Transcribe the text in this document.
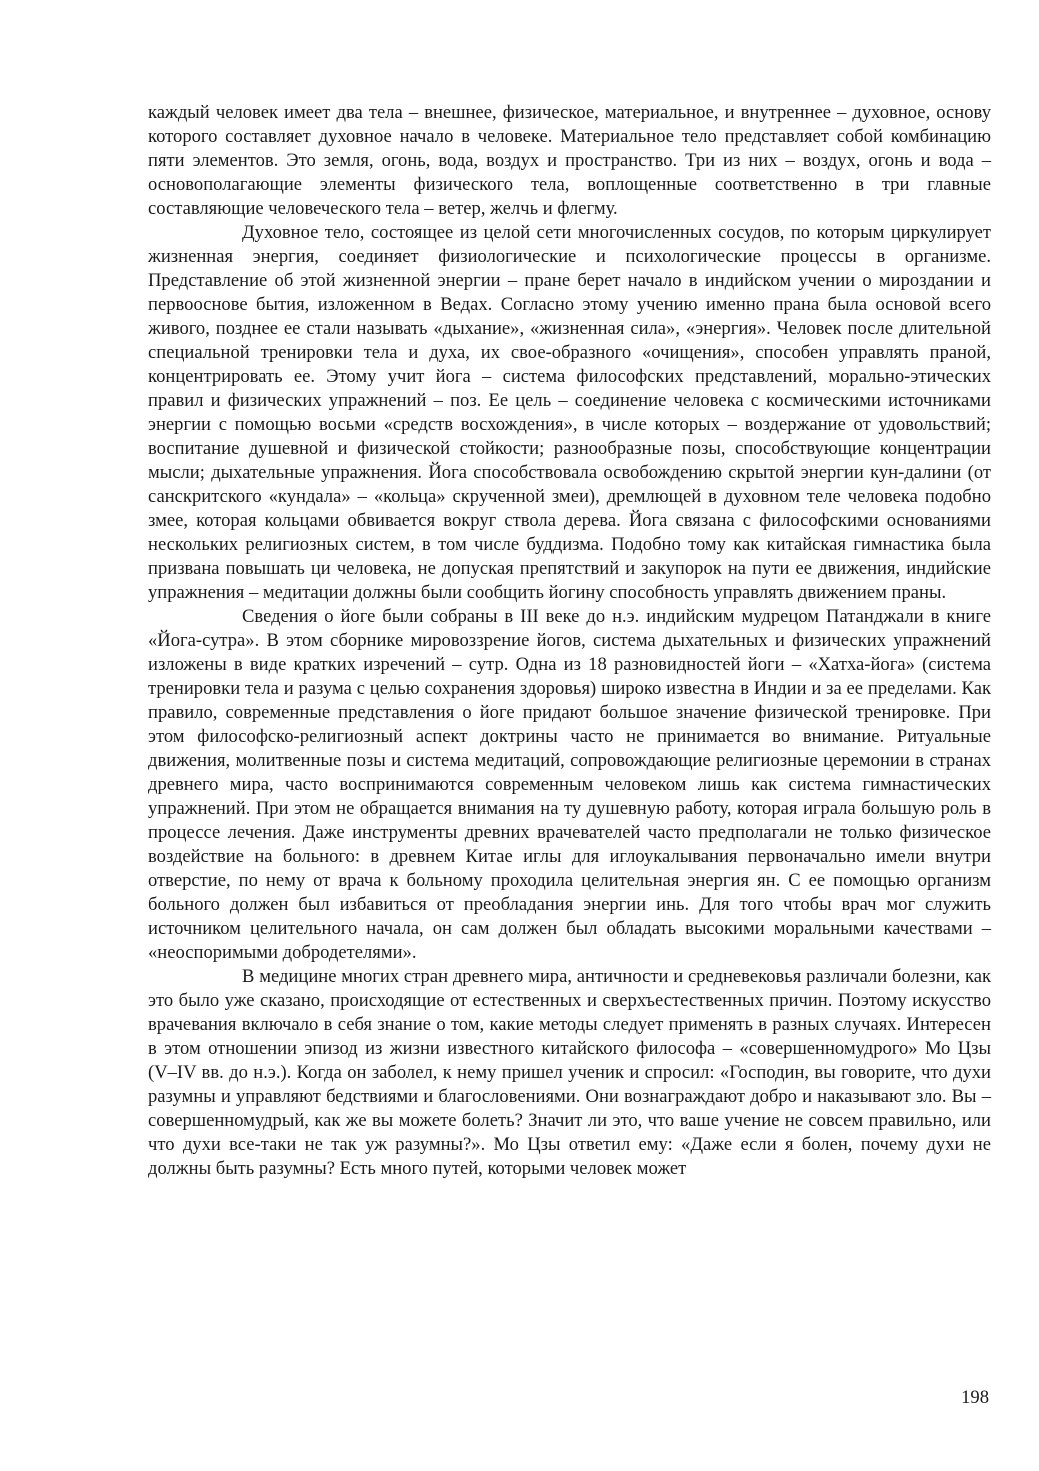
каждый человек имеет два тела – внешнее, физическое, материальное, и внутреннее – духовное, основу которого составляет духовное начало в человеке. Материальное тело представляет собой комбинацию пяти элементов. Это земля, огонь, вода, воздух и пространство. Три из них – воздух, огонь и вода – основополагающие элементы физического тела, воплощенные соответственно в три главные составляющие человеческого тела – ветер, желчь и флегму.

Духовное тело, состоящее из целой сети многочисленных сосудов, по которым циркулирует жизненная энергия, соединяет физиологические и психологические процессы в организме. Представление об этой жизненной энергии – пране берет начало в индийском учении о мироздании и первооснове бытия, изложенном в Ведах. Согласно этому учению именно прана была основой всего живого, позднее ее стали называть «дыхание», «жизненная сила», «энергия». Человек после длительной специальной тренировки тела и духа, их свое-образного «очищения», способен управлять праной, концентрировать ее. Этому учит йога – система философских представлений, морально-этических правил и физических упражнений – поз. Ее цель – соединение человека с космическими источниками энергии с помощью восьми «средств восхождения», в числе которых – воздержание от удовольствий; воспитание душевной и физической стойкости; разнообразные позы, способствующие концентрации мысли; дыхательные упражнения. Йога способствовала освобождению скрытой энергии кун-далини (от санскритского «кундала» – «кольца» скрученной змеи), дремлющей в духовном теле человека подобно змее, которая кольцами обвивается вокруг ствола дерева. Йога связана с философскими основаниями нескольких религиозных систем, в том числе буддизма. Подобно тому как китайская гимнастика была призвана повышать ци человека, не допуская препятствий и закупорок на пути ее движения, индийские упражнения – медитации должны были сообщить йогину способность управлять движением праны.

Сведения о йоге были собраны в III веке до н.э. индийским мудрецом Патанджали в книге «Йога-сутра». В этом сборнике мировоззрение йогов, система дыхательных и физических упражнений изложены в виде кратких изречений – сутр. Одна из 18 разновидностей йоги – «Хатха-йога» (система тренировки тела и разума с целью сохранения здоровья) широко известна в Индии и за ее пределами. Как правило, современные представления о йоге придают большое значение физической тренировке. При этом философско-религиозный аспект доктрины часто не принимается во внимание. Ритуальные движения, молитвенные позы и система медитаций, сопровождающие религиозные церемонии в странах древнего мира, часто воспринимаются современным человеком лишь как система гимнастических упражнений. При этом не обращается внимания на ту душевную работу, которая играла большую роль в процессе лечения. Даже инструменты древних врачевателей часто предполагали не только физическое воздействие на больного: в древнем Китае иглы для иглоукалывания первоначально имели внутри отверстие, по нему от врача к больному проходила целительная энергия ян. С ее помощью организм больного должен был избавиться от преобладания энергии инь. Для того чтобы врач мог служить источником целительного начала, он сам должен был обладать высокими моральными качествами – «неоспоримыми добродетелями».

В медицине многих стран древнего мира, античности и средневековья различали болезни, как это было уже сказано, происходящие от естественных и сверхъестественных причин. Поэтому искусство врачевания включало в себя знание о том, какие методы следует применять в разных случаях. Интересен в этом отношении эпизод из жизни известного китайского философа – «совершенномудрого» Мо Цзы (V–IV вв. до н.э.). Когда он заболел, к нему пришел ученик и спросил: «Господин, вы говорите, что духи разумны и управляют бедствиями и благословениями. Они вознаграждают добро и наказывают зло. Вы – совершенномудрый, как же вы можете болеть? Значит ли это, что ваше учение не совсем правильно, или что духи все-таки не так уж разумны?». Мо Цзы ответил ему: «Даже если я болен, почему духи не должны быть разумны? Есть много путей, которыми человек может

198
